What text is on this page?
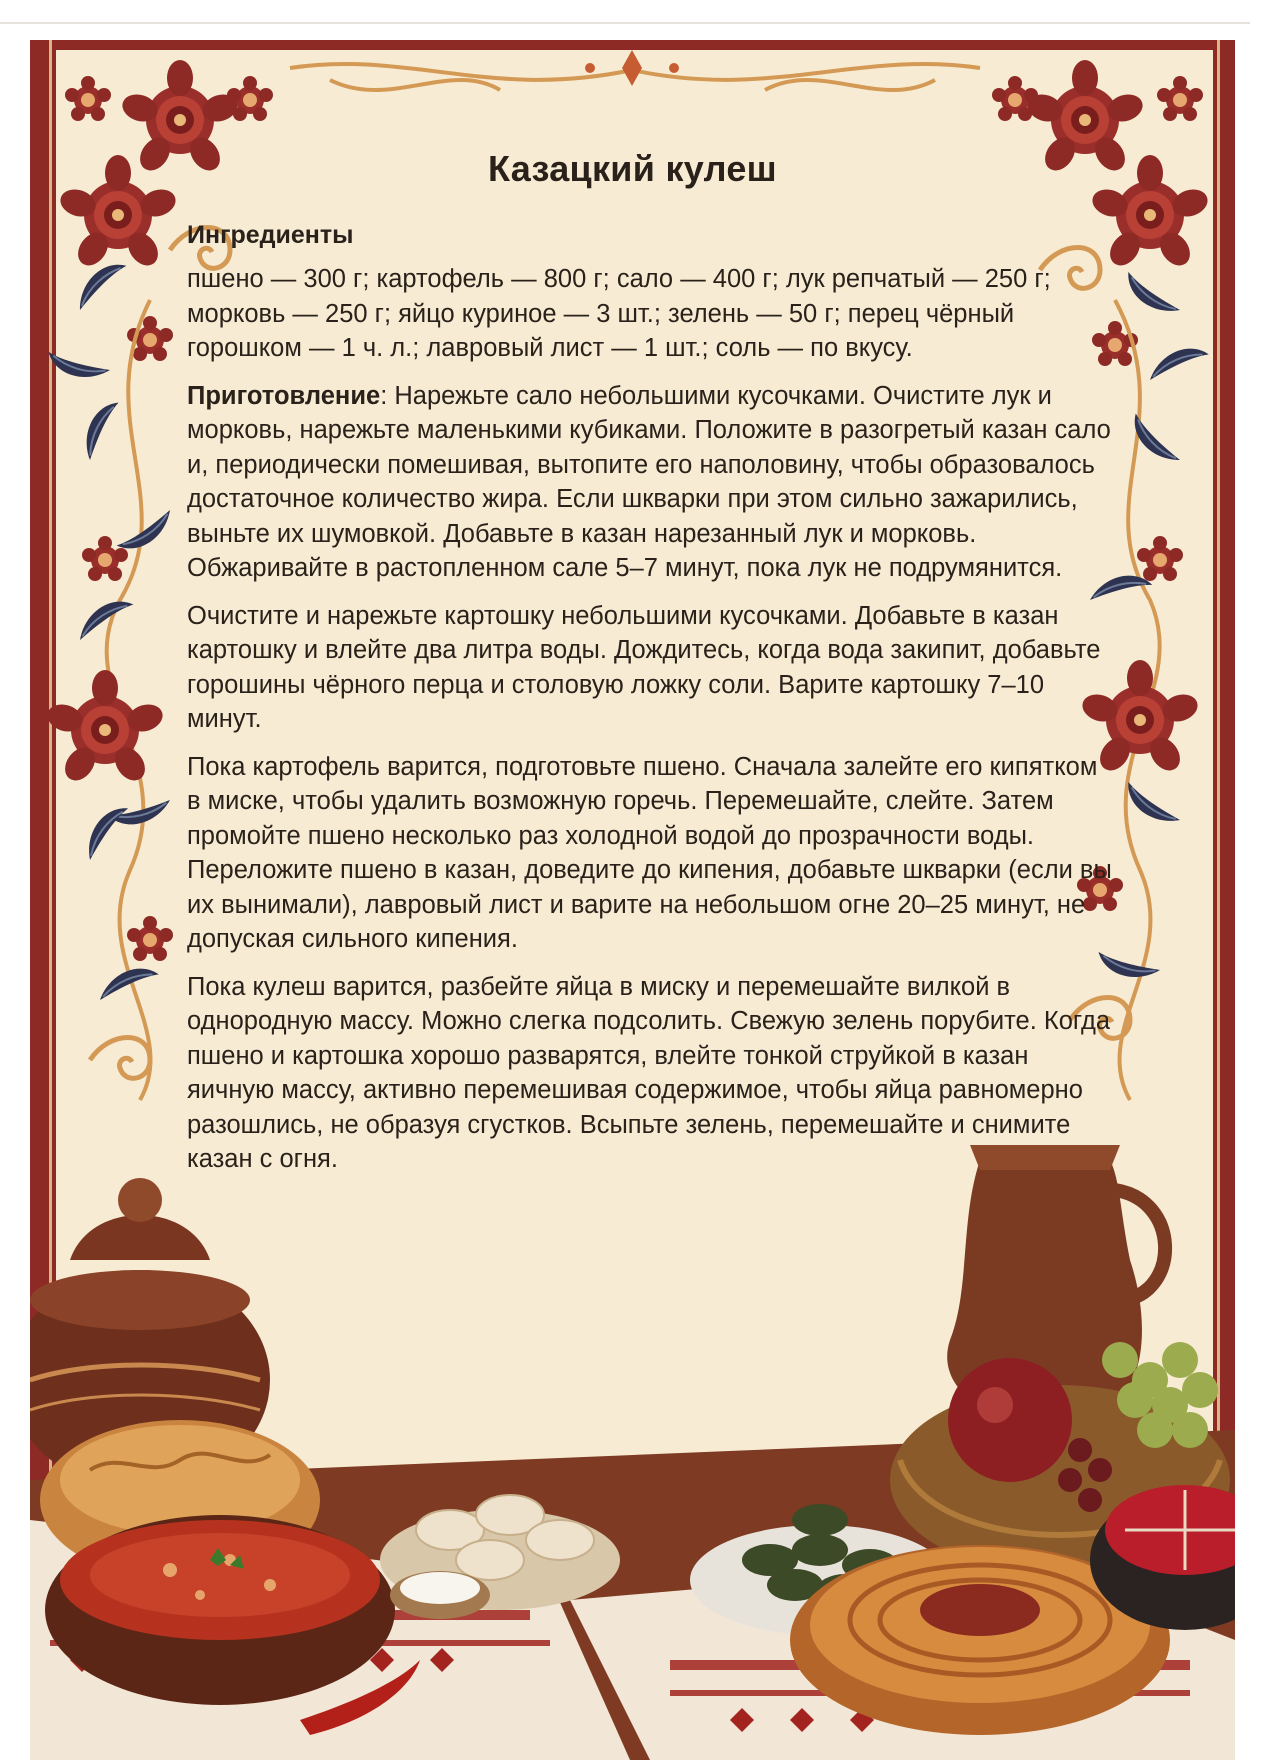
Казацкий кулеш
Ингредиенты

пшено — 300 г; картофель — 800 г; сало — 400 г; лук репчатый — 250 г; морковь — 250 г; яйцо куриное — 3 шт.; зелень — 50 г; перец чёрный горошком — 1 ч. л.; лавровый лист — 1 шт.; соль — по вкусу.

Приготовление: Нарежьте сало небольшими кусочками. Очистите лук и морковь, нарежьте маленькими кубиками. Положите в разогретый казан сало и, периодически помешивая, вытопите его наполовину, чтобы образовалось достаточное количество жира. Если шкварки при этом сильно зажарились, выньте их шумовкой. Добавьте в казан нарезанный лук и морковь. Обжаривайте в растопленном сале 5–7 минут, пока лук не подрумянится.

Очистите и нарежьте картошку небольшими кусочками. Добавьте в казан картошку и влейте два литра воды. Дождитесь, когда вода закипит, добавьте горошины чёрного перца и столовую ложку соли. Варите картошку 7–10 минут.

Пока картофель варится, подготовьте пшено. Сначала залейте его кипятком в миске, чтобы удалить возможную горечь. Перемешайте, слейте. Затем промойте пшено несколько раз холодной водой до прозрачности воды. Переложите пшено в казан, доведите до кипения, добавьте шкварки (если вы их вынимали), лавровый лист и варите на небольшом огне 20–25 минут, не допуская сильного кипения.

Пока кулеш варится, разбейте яйца в миску и перемешайте вилкой в однородную массу. Можно слегка подсолить. Свежую зелень порубите. Когда пшено и картошка хорошо разварятся, влейте тонкой струйкой в казан яичную массу, активно перемешивая содержимое, чтобы яйца равномерно разошлись, не образуя сгустков. Всыпьте зелень, перемешайте и снимите казан с огня.
